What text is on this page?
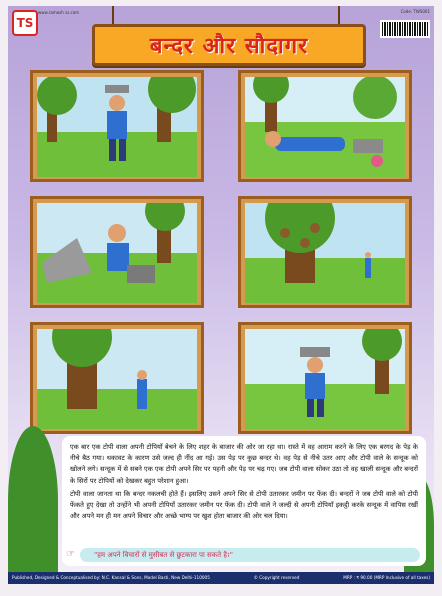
TS
www.ramesh ss.com	Code: TWS001
बन्दर और सौदागर

एक बार एक टोपी वाला अपनी टोपियाँ बेचने के लिए शहर के बाजार की ओर जा रहा था। रास्ते में वह आराम करने के लिए एक बरगद के पेड़ के नीचे बैठ गया। थकावट के कारण उसे जल्द ही नींद आ गई। उस पेड़ पर कुछ बन्दर थे। वह पेड़ से नीचे उतर आए और टोपी वाले के सन्दूक को खोलने लगे। सन्दूक में से सबने एक एक टोपी अपने सिर पर पहनी और पेड़ पर चढ़ गए। जब टोपी वाला सोकर उठा तो वह खाली सन्दूक और बन्दरों के सिरों पर टोपियों को देखकर बहुत परेशान हुआ।

टोपी वाला जानता था कि बन्दर नकलची होते हैं। इसलिए उसने अपने सिर से टोपी उतारकर जमीन पर फेंक दी। बन्दरों ने जब टोपी वाले को टोपी फेंकते हुए देखा तो उन्होंने भी अपनी टोपियाँ उतारकर जमीन पर फेंक दी। टोपी वाले ने जल्दी से अपनी टोपियाँ इकट्ठी करके सन्दूक में वापिस रखीं और अपने मन ही मन अपने विचार और अच्छे भाग्य पर खुश होता बाजार की ओर चल दिया।

☞	"हम अपने विचारों से मुसीबत से छुटकारा पा सकते है।"
Published, Designed & Conceptualised by: N.C. Kansal & Sons, Model Basti, New Delhi-110005	© Copyright reserved	MRP : ₹ 90.00 (MRP Inclusive of all taxes)
